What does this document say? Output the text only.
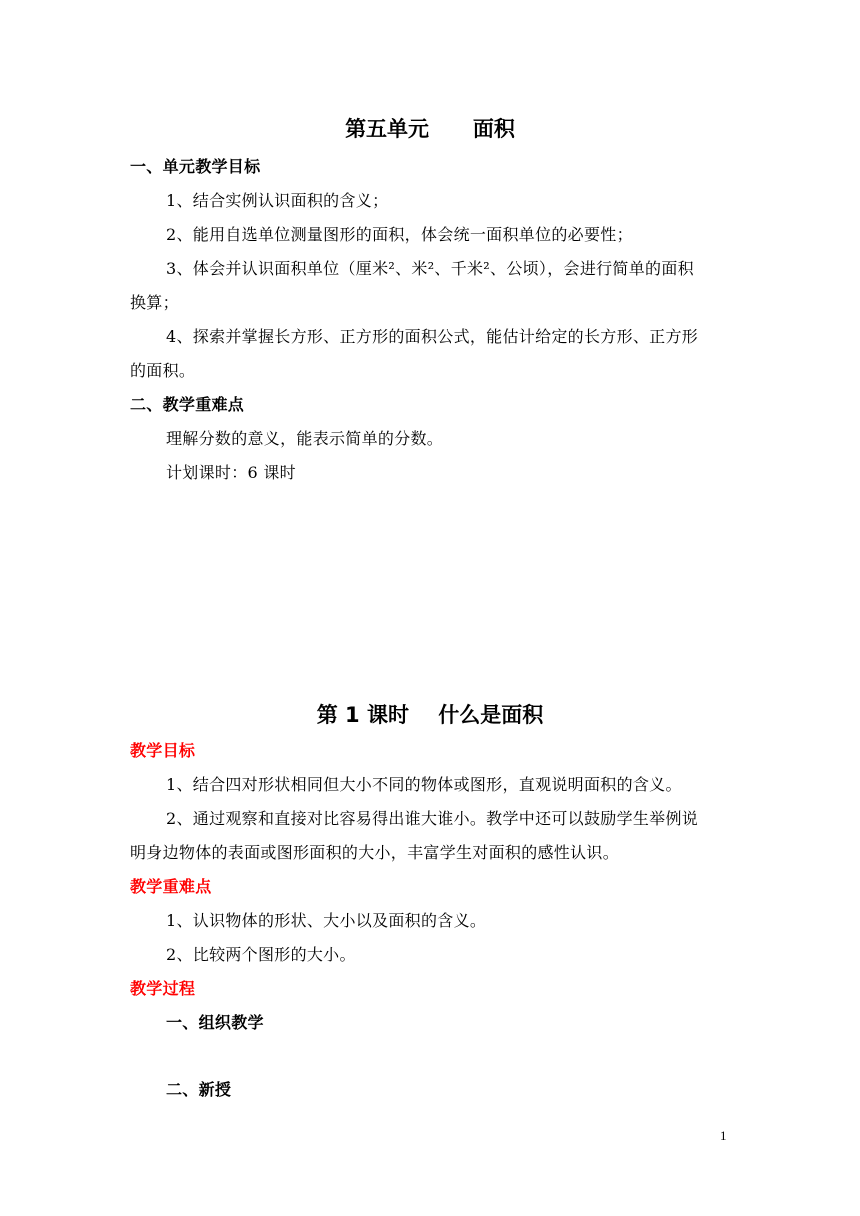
第五单元      面积
一、单元教学目标
1、结合实例认识面积的含义；
2、能用自选单位测量图形的面积，体会统一面积单位的必要性；
3、体会并认识面积单位（厘米²、米²、千米²、公顷），会进行简单的面积
换算；
4、探索并掌握长方形、正方形的面积公式，能估计给定的长方形、正方形
的面积。
二、教学重难点
理解分数的意义，能表示简单的分数。
计划课时：6 课时
第 1 课时    什么是面积
教学目标
1、结合四对形状相同但大小不同的物体或图形，直观说明面积的含义。
2、通过观察和直接对比容易得出谁大谁小。教学中还可以鼓励学生举例说
明身边物体的表面或图形面积的大小，丰富学生对面积的感性认识。
教学重难点
1、认识物体的形状、大小以及面积的含义。
2、比较两个图形的大小。
教学过程
一、组织教学
二、新授
1
